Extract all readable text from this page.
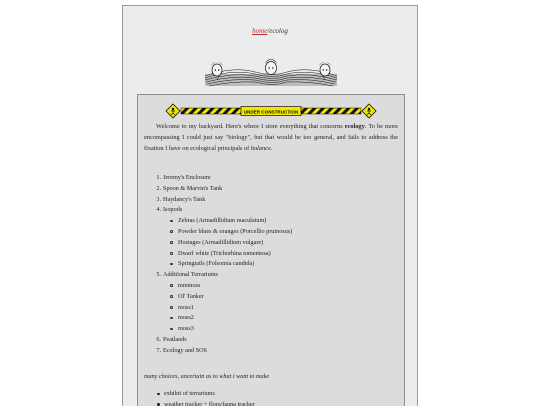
home/ecolog
UNDER CONSTRUCTION
Welcome to my backyard. Here's where I store everything that concerns ecology. To be more encompassing I could just say "biology", but that would be too general, and fails to address the fixation I have on ecological principals of balance.
1. Jeremy's Enclosure
2. Spoon & Marvin's Tank
3. Haydancy's Tank
4. Isopods
Zebras (Armadillidium maculatum)
Powder blues & oranges (Porcellio pruinosus)
Hostages (Armadillidium vulgare)
Dwarf white (Trichorhina tomentosa)
Springtails (Folsomia candida)
5. Additional Terrariums
mmmoss
Ol' Tanker
moss1
moss2
moss3
6. Peatlands
7. Ecology and SOS
many choices, uncertain as to what i want to make
exhibit of terrariums
weather tracker + flora/fauna tracker
